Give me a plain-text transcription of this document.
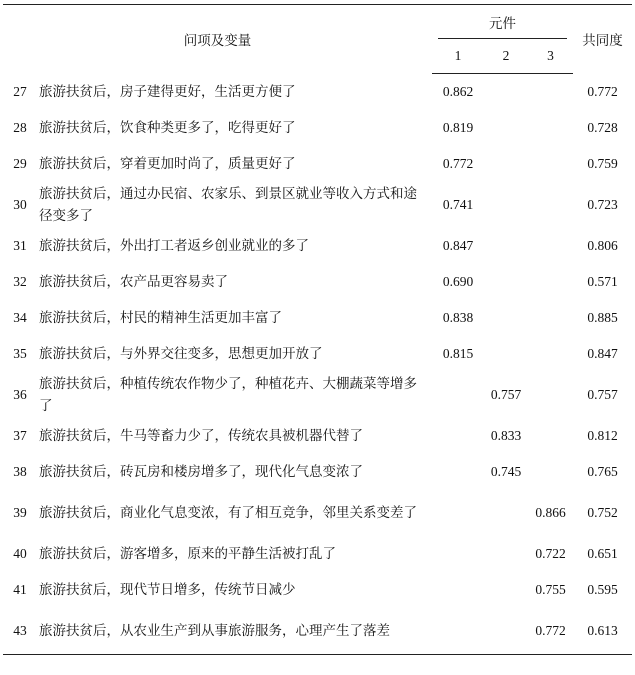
问项及变量		元件			共同度
		1	2	3	
27	旅游扶贫后，房子建得更好，生活更方便了	0.862			0.772
28	旅游扶贫后，饮食种类更多了，吃得更好了	0.819			0.728
29	旅游扶贫后，穿着更加时尚了，质量更好了	0.772			0.759
30	旅游扶贫后，通过办民宿、农家乐、到景区就业等收入方式和途径变多了	0.741			0.723
31	旅游扶贫后，外出打工者返乡创业就业的多了	0.847			0.806
32	旅游扶贫后，农产品更容易卖了	0.690			0.571
34	旅游扶贫后，村民的精神生活更加丰富了	0.838			0.885
35	旅游扶贫后，与外界交往变多，思想更加开放了	0.815			0.847
36	旅游扶贫后，种植传统农作物少了，种植花卉、大棚蔬菜等增多了		0.757		0.757
37	旅游扶贫后，牛马等畜力少了，传统农具被机器代替了		0.833		0.812
38	旅游扶贫后，砖瓦房和楼房增多了，现代化气息变浓了		0.745		0.765
39	旅游扶贫后，商业化气息变浓，有了相互竞争，邻里关系变差了			0.866	0.752
40	旅游扶贫后，游客增多，原来的平静生活被打乱了			0.722	0.651
41	旅游扶贫后，现代节日增多，传统节日减少			0.755	0.595
43	旅游扶贫后，从农业生产到从事旅游服务，心理产生了落差			0.772	0.613
